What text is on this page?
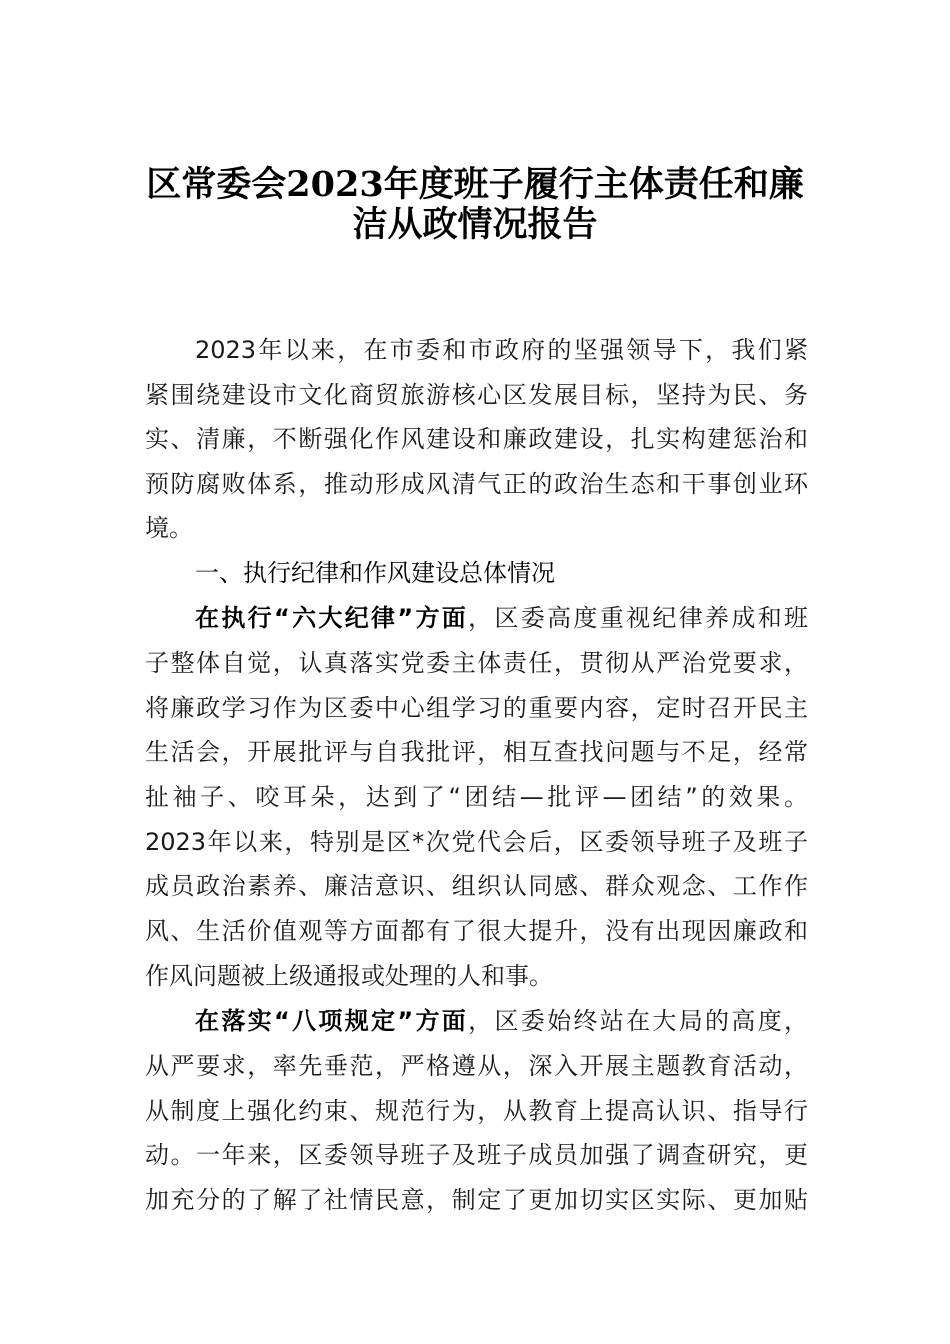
区常委会2023年度班子履行主体责任和廉
洁从政情况报告
2023年以来，在市委和市政府的坚强领导下，我们紧
紧围绕建设市文化商贸旅游核心区发展目标，坚持为民、务
实、清廉，不断强化作风建设和廉政建设，扎实构建惩治和
预防腐败体系，推动形成风清气正的政治生态和干事创业环
境。
一、执行纪律和作风建设总体情况
在执行“六大纪律”方面，区委高度重视纪律养成和班
子整体自觉，认真落实党委主体责任，贯彻从严治党要求，
将廉政学习作为区委中心组学习的重要内容，定时召开民主
生活会，开展批评与自我批评，相互查找问题与不足，经常
扯袖子、咬耳朵，达到了“团结—批评—团结”的效果。
2023年以来，特别是区*次党代会后，区委领导班子及班子
成员政治素养、廉洁意识、组织认同感、群众观念、工作作
风、生活价值观等方面都有了很大提升，没有出现因廉政和
作风问题被上级通报或处理的人和事。
在落实“八项规定”方面，区委始终站在大局的高度，
从严要求，率先垂范，严格遵从，深入开展主题教育活动，
从制度上强化约束、规范行为，从教育上提高认识、指导行
动。一年来，区委领导班子及班子成员加强了调查研究，更
加充分的了解了社情民意，制定了更加切实区实际、更加贴
